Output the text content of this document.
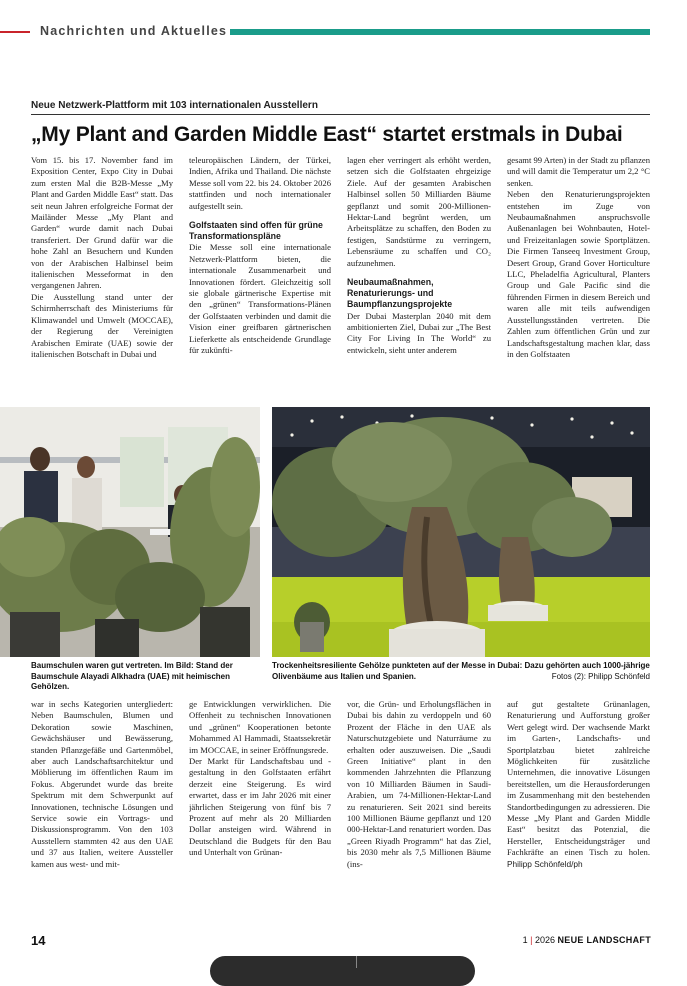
Nachrichten und Aktuelles
Neue Netzwerk-Plattform mit 103 internationalen Ausstellern
„My Plant and Garden Middle East“ startet erstmals in Dubai

Vom 15. bis 17. November fand im Exposition Center, Expo City in Dubai zum ersten Mal die B2B-Messe „My Plant and Garden Middle East“ statt. Das seit neun Jahren erfolgreiche Format der Mailänder Messe „My Plant and Garden“ wurde damit nach Dubai transferiert. Der Grund dafür war die hohe Zahl an Besuchern und Kunden von der Arabischen Halbinsel beim italienischen Messeformat in den vergangenen Jahren.

Die Ausstellung stand unter der Schirmherrschaft des Ministeriums für Klimawandel und Umwelt (MOCCAE), der Regierung der Vereinigten Arabischen Emirate (UAE) sowie der italienischen Botschaft in Dubai und

teleuropäischen Ländern, der Türkei, Indien, Afrika und Thailand. Die nächste Messe soll vom 22. bis 24. Oktober 2026 stattfinden und noch internationaler aufgestellt sein.

Golfstaaten sind offen für grüne Transformationspläne

Die Messe soll eine internationale Netzwerk-Plattform bieten, die internationale Zusammenarbeit und Innovationen fördert. Gleichzeitig soll sie globale gärtnerische Expertise mit den „grünen“ Transformations-Plänen der Golfstaaten verbinden und damit die Vision einer greifbaren gärtnerischen Lieferkette als entscheidende Grundlage für zukünfti-

lagen eher verringert als erhöht werden, setzen sich die Golfstaaten ehrgeizige Ziele. Auf der gesamten Arabischen Halbinsel sollen 50 Milliarden Bäume gepflanzt und somit 200-Millionen-Hektar-Land begrünt werden, um Arbeitsplätze zu schaffen, den Boden zu festigen, Sandstürme zu verringern, Lebensräume zu schaffen und CO₂ aufzunehmen.

Neubaumaßnahmen, Renaturierungs- und Baumpflanzungsprojekte

Der Dubai Masterplan 2040 mit dem ambitionierten Ziel, Dubai zur „The Best City For Living In The World“ zu entwickeln, sieht unter anderem

gesamt 99 Arten) in der Stadt zu pflanzen und will damit die Temperatur um 2,2 °C senken.

Neben den Renaturierungsprojekten entstehen im Zuge von Neubaumaßnahmen anspruchsvolle Außenanlagen bei Wohnbauten, Hotel- und Freizeitanlagen sowie Sportplätzen. Die Firmen Tanseeq Investment Group, Desert Group, Grand Gover Horticulture LLC, Pheladelfia Agricultural, Planters Group und Gale Pacific sind die führenden Firmen in diesem Bereich und waren alle mit teils aufwendigen Ausstellungsständen vertreten. Die Zahlen zum öffentlichen Grün und zur Landschaftsgestaltung machen klar, dass in den Golfstaaten

Baumschulen waren gut vertreten. Im Bild: Stand der Baumschule Alayadi Alkhadra (UAE) mit heimischen Gehölzen.
Trockenheitsresiliente Gehölze punkteten auf der Messe in Dubai: Dazu gehörten auch 1000-jährige Olivenbäume aus Italien und Spanien.	Fotos (2): Philipp Schönfeld

war in sechs Kategorien untergliedert: Neben Baumschulen, Blumen und Dekoration sowie Maschinen, Gewächshäuser und Bewässerung, standen Pflanzgefäße und Gartenmöbel, aber auch Landschaftsarchitektur und Möblierung im öffentlichen Raum im Fokus. Abgerundet wurde das breite Spektrum mit dem Schwerpunkt auf Innovationen, technische Lösungen und Service sowie ein Vortrags- und Diskussionsprogramm. Von den 103 Ausstellern stammten 42 aus den UAE und 37 aus Italien, weitere Aussteller kamen aus west- und mit-

ge Entwicklungen verwirklichen. Die Offenheit zu technischen Innovationen und „grünen“ Kooperationen betonte Mohammed Al Hammadi, Staatssekretär im MOCCAE, in seiner Eröffnungsrede.

Der Markt für Landschaftsbau und -gestaltung in den Golfstaaten erfährt derzeit eine Steigerung. Es wird erwartet, dass er im Jahr 2026 mit einer jährlichen Steigerung von fünf bis 7 Prozent auf mehr als 20 Milliarden Dollar ansteigen wird. Während in Deutschland die Budgets für den Bau und Unterhalt von Grünan-

vor, die Grün- und Erholungsflächen in Dubai bis dahin zu verdoppeln und 60 Prozent der Fläche in den UAE als Naturschutzgebiete und Naturräume zu erhalten oder auszuweisen. Die „Saudi Green Initiative“ plant in den kommenden Jahrzehnten die Pflanzung von 10 Milliarden Bäumen in Saudi-Arabien, um 74-Millionen-Hektar-Land zu renaturieren. Seit 2021 sind bereits 100 Millionen Bäume gepflanzt und 120 000-Hektar-Land renaturiert worden. Das „Green Riyadh Programm“ hat das Ziel, bis 2030 mehr als 7,5 Millionen Bäume (ins-

auf gut gestaltete Grünanlagen, Renaturierung und Aufforstung großer Wert gelegt wird. Der wachsende Markt im Garten-, Landschafts- und Sportplatzbau bietet zahlreiche Möglichkeiten für zusätzliche Unternehmen, die innovative Lösungen bereitstellen, um die Herausforderungen im Zusammenhang mit den bestehenden Standortbedingungen zu adressieren. Die Messe „My Plant and Garden Middle East“ besitzt das Potenzial, die Hersteller, Entscheidungsträger und Fachkräfte an einen Tisch zu holen. Philipp Schönfeld/ph

14	1 | 2026 NEUE LANDSCHAFT
